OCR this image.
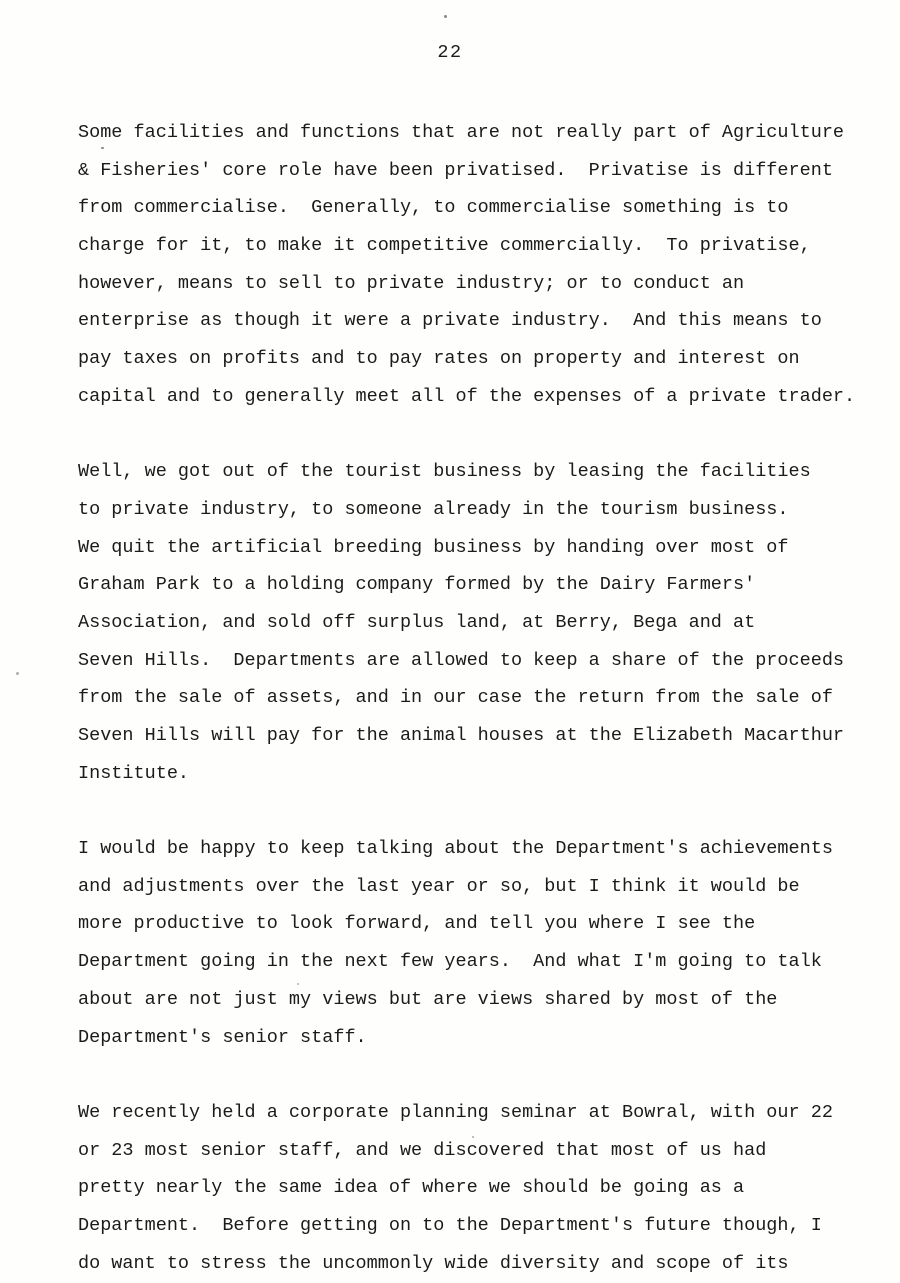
22
Some facilities and functions that are not really part of Agriculture
& Fisheries' core role have been privatised.  Privatise is different
from commercialise.  Generally, to commercialise something is to
charge for it, to make it competitive commercially.  To privatise,
however, means to sell to private industry; or to conduct an
enterprise as though it were a private industry.  And this means to
pay taxes on profits and to pay rates on property and interest on
capital and to generally meet all of the expenses of a private trader.
Well, we got out of the tourist business by leasing the facilities
to private industry, to someone already in the tourism business.
We quit the artificial breeding business by handing over most of
Graham Park to a holding company formed by the Dairy Farmers'
Association, and sold off surplus land, at Berry, Bega and at
Seven Hills.  Departments are allowed to keep a share of the proceeds
from the sale of assets, and in our case the return from the sale of
Seven Hills will pay for the animal houses at the Elizabeth Macarthur
Institute.
I would be happy to keep talking about the Department's achievements
and adjustments over the last year or so, but I think it would be
more productive to look forward, and tell you where I see the
Department going in the next few years.  And what I'm going to talk
about are not just my views but are views shared by most of the
Department's senior staff.
We recently held a corporate planning seminar at Bowral, with our 22
or 23 most senior staff, and we discovered that most of us had
pretty nearly the same idea of where we should be going as a
Department.  Before getting on to the Department's future though, I
do want to stress the uncommonly wide diversity and scope of its
